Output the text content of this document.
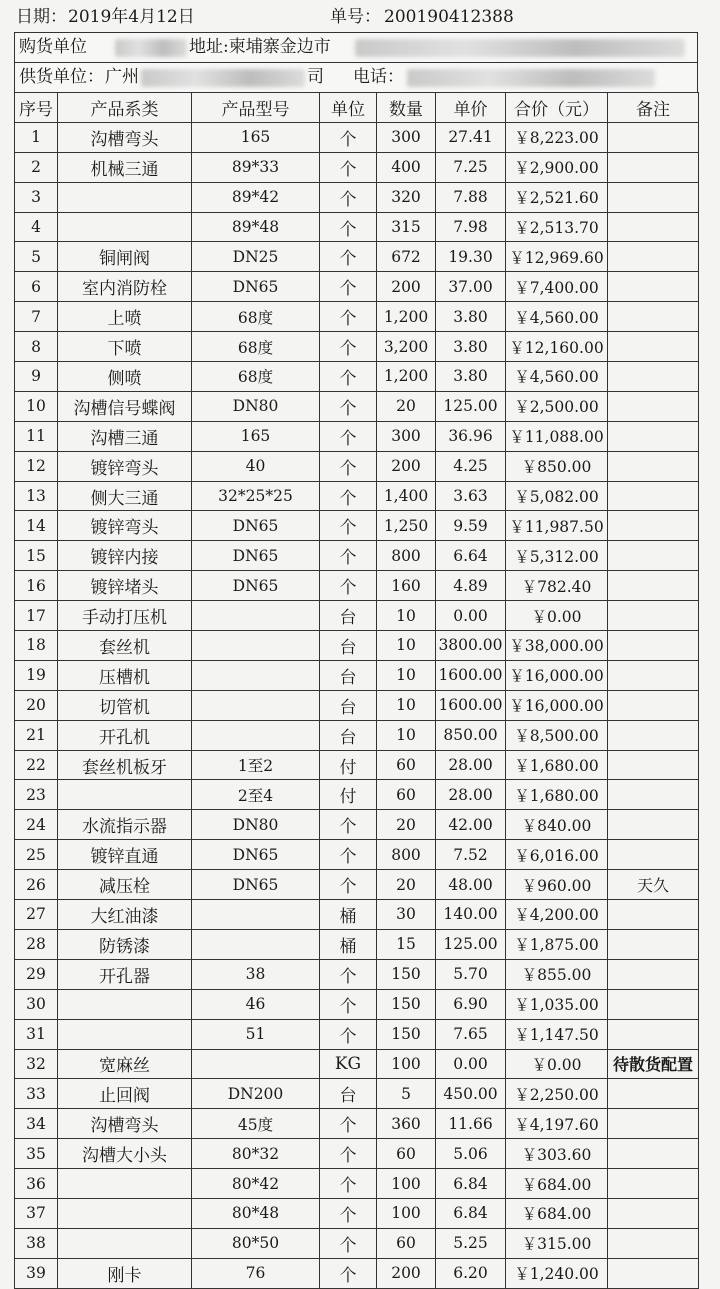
日期： 2019年4月12日	单号： 200190412388
购货单位	地址:柬埔寨金边市
供货单位： 广州	司 电话：
序号	产品系类	产品型号	单位	数量	单价	合价（元）	备注
1	沟槽弯头	165	个	300	27.41	￥8,223.00	
2	机械三通	89*33	个	400	7.25	￥2,900.00	
3		89*42	个	320	7.88	￥2,521.60	
4		89*48	个	315	7.98	￥2,513.70	
5	铜闸阀	DN25	个	672	19.30	￥12,969.60	
6	室内消防栓	DN65	个	200	37.00	￥7,400.00	
7	上喷	68度	个	1,200	3.80	￥4,560.00	
8	下喷	68度	个	3,200	3.80	￥12,160.00	
9	侧喷	68度	个	1,200	3.80	￥4,560.00	
10	沟槽信号蝶阀	DN80	个	20	125.00	￥2,500.00	
11	沟槽三通	165	个	300	36.96	￥11,088.00	
12	镀锌弯头	40	个	200	4.25	￥850.00	
13	侧大三通	32*25*25	个	1,400	3.63	￥5,082.00	
14	镀锌弯头	DN65	个	1,250	9.59	￥11,987.50	
15	镀锌内接	DN65	个	800	6.64	￥5,312.00	
16	镀锌堵头	DN65	个	160	4.89	￥782.40	
17	手动打压机		台	10	0.00	￥0.00	
18	套丝机		台	10	3800.00	￥38,000.00	
19	压槽机		台	10	1600.00	￥16,000.00	
20	切管机		台	10	1600.00	￥16,000.00	
21	开孔机		台	10	850.00	￥8,500.00	
22	套丝机板牙	1至2	付	60	28.00	￥1,680.00	
23		2至4	付	60	28.00	￥1,680.00	
24	水流指示器	DN80	个	20	42.00	￥840.00	
25	镀锌直通	DN65	个	800	7.52	￥6,016.00	
26	减压栓	DN65	个	20	48.00	￥960.00	天久
27	大红油漆		桶	30	140.00	￥4,200.00	
28	防锈漆		桶	15	125.00	￥1,875.00	
29	开孔器	38	个	150	5.70	￥855.00	
30		46	个	150	6.90	￥1,035.00	
31		51	个	150	7.65	￥1,147.50	
32	宽麻丝		KG	100	0.00	￥0.00	待散货配置
33	止回阀	DN200	台	5	450.00	￥2,250.00	
34	沟槽弯头	45度	个	360	11.66	￥4,197.60	
35	沟槽大小头	80*32	个	60	5.06	￥303.60	
36		80*42	个	100	6.84	￥684.00	
37		80*48	个	100	6.84	￥684.00	
38		80*50	个	60	5.25	￥315.00	
39	刚卡	76	个	200	6.20	￥1,240.00	
